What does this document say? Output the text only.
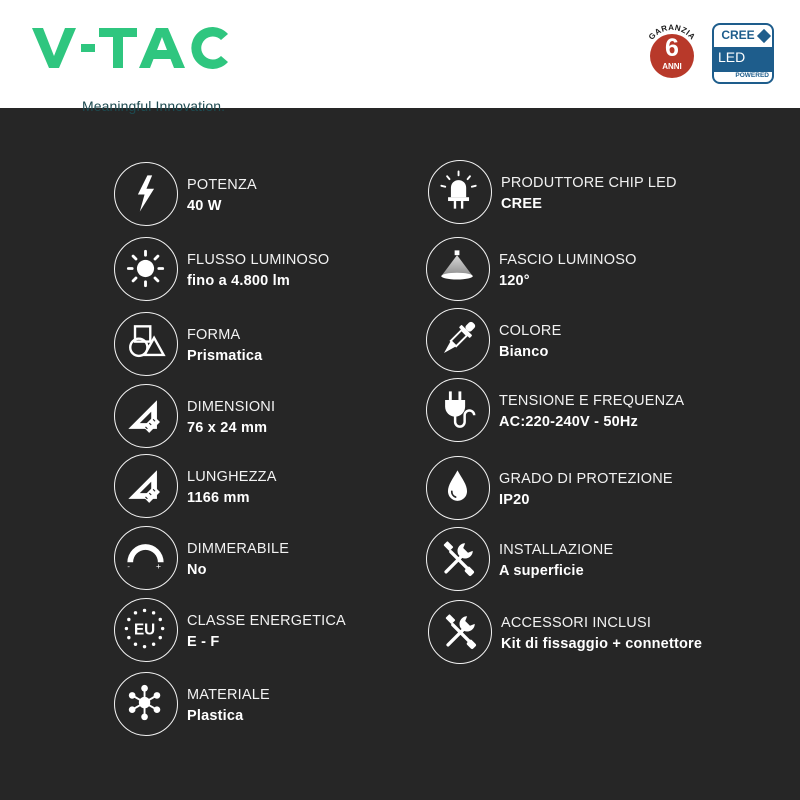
Meaningful Innovation.
GARANZIA
6
ANNI
CREE
LED
POWERED
POTENZA
40 W
FLUSSO LUMINOSO
fino a 4.800 lm
FORMA
Prismatica
DIMENSIONI
76 x 24 mm
LUNGHEZZA
1166 mm
-	+
DIMMERABILE
No
EU
CLASSE ENERGETICA
E - F
MATERIALE
Plastica
PRODUTTORE CHIP LED
CREE
FASCIO LUMINOSO
120°
COLORE
Bianco
TENSIONE E FREQUENZA
AC:220-240V - 50Hz
GRADO DI PROTEZIONE
IP20
INSTALLAZIONE
A superficie
ACCESSORI INCLUSI
Kit di fissaggio + connettore
